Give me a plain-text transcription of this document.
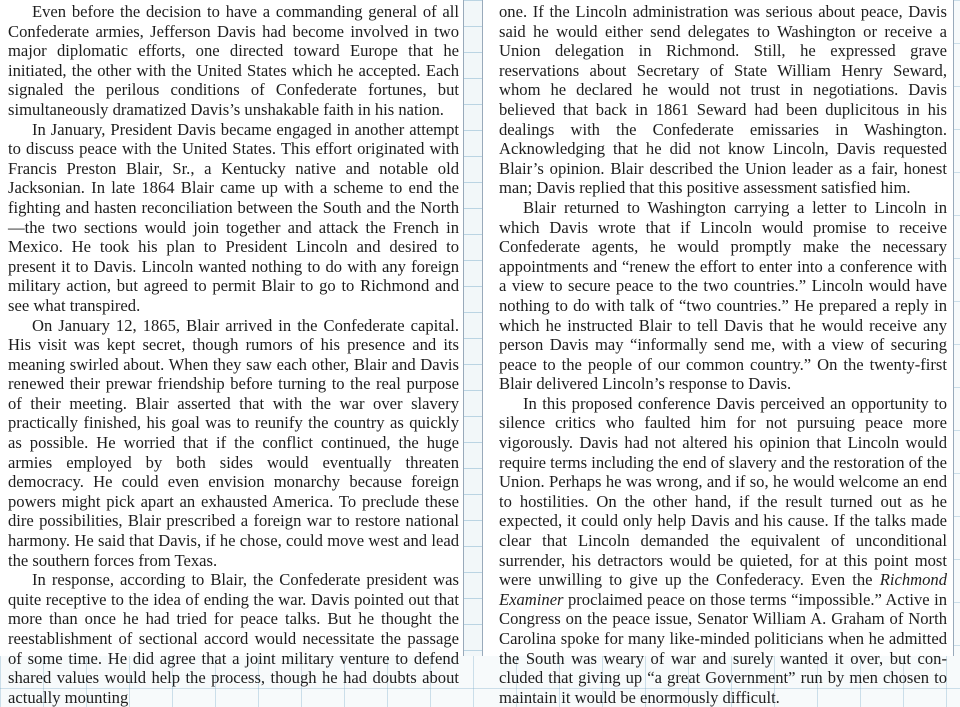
Even before the decision to have a commanding general of all Confederate armies, Jefferson Davis had become involved in two major diplomatic efforts, one directed toward Europe that he initiated, the other with the United States which he accepted. Each signaled the perilous conditions of Confederate fortunes, but simultaneously dramatized Davis’s unshakable faith in his nation.

In January, President Davis became engaged in another attempt to discuss peace with the United States. This effort originated with Francis Preston Blair, Sr., a Kentucky native and notable old Jacksonian. In late 1864 Blair came up with a scheme to end the fighting and hasten reconciliation between the South and the North—the two sections would join together and attack the French in Mexico. He took his plan to President Lincoln and desired to present it to Davis. Lincoln wanted nothing to do with any foreign military action, but agreed to permit Blair to go to Richmond and see what transpired.

On January 12, 1865, Blair arrived in the Confederate capital. His visit was kept secret, though rumors of his presence and its meaning swirled about. When they saw each other, Blair and Davis renewed their prewar friendship before turning to the real purpose of their meeting. Blair asserted that with the war over slavery practically finished, his goal was to reunify the country as quickly as possible. He worried that if the conflict continued, the huge armies employed by both sides would eventually threaten democracy. He could even envision monarchy because foreign powers might pick apart an exhausted America. To preclude these dire possibilities, Blair prescribed a foreign war to restore national harmony. He said that Davis, if he chose, could move west and lead the southern forces from Texas.

In response, according to Blair, the Confederate president was quite receptive to the idea of ending the war. Davis pointed out that more than once he had tried for peace talks. But he thought the reestablishment of sectional accord would necessitate the passage of some time. He did agree that a joint military venture to defend shared values would help the process, though he had doubts about actually mounting

one. If the Lincoln administration was serious about peace, Davis said he would either send delegates to Washington or receive a Union delegation in Richmond. Still, he expressed grave reservations about Secretary of State William Henry Seward, whom he declared he would not trust in negotiations. Davis believed that back in 1861 Seward had been duplicitous in his dealings with the Confederate emissaries in Washington. Acknowledging that he did not know Lincoln, Davis requested Blair’s opinion. Blair described the Union leader as a fair, honest man; Davis replied that this positive assessment satisfied him.

Blair returned to Washington carrying a letter to Lincoln in which Davis wrote that if Lincoln would promise to receive Confederate agents, he would promptly make the necessary appointments and “renew the effort to enter into a conference with a view to secure peace to the two countries.” Lincoln would have nothing to do with talk of “two countries.” He prepared a reply in which he instructed Blair to tell Davis that he would receive any person Davis may “informally send me, with a view of securing peace to the people of our common country.” On the twenty-first Blair delivered Lincoln’s response to Davis.

In this proposed conference Davis perceived an opportunity to silence critics who faulted him for not pursuing peace more vigorously. Davis had not altered his opinion that Lincoln would require terms including the end of slavery and the restoration of the Union. Perhaps he was wrong, and if so, he would welcome an end to hostilities. On the other hand, if the result turned out as he expected, it could only help Davis and his cause. If the talks made clear that Lincoln demanded the equivalent of unconditional surrender, his detractors would be quieted, for at this point most were unwilling to give up the Confederacy. Even the Richmond Examiner proclaimed peace on those terms “impossible.” Active in Congress on the peace issue, Senator William A. Graham of North Carolina spoke for many like-minded politicians when he admitted the South was weary of war and surely wanted it over, but concluded that giving up “a great Government” run by men chosen to maintain it would be enormously difficult.
